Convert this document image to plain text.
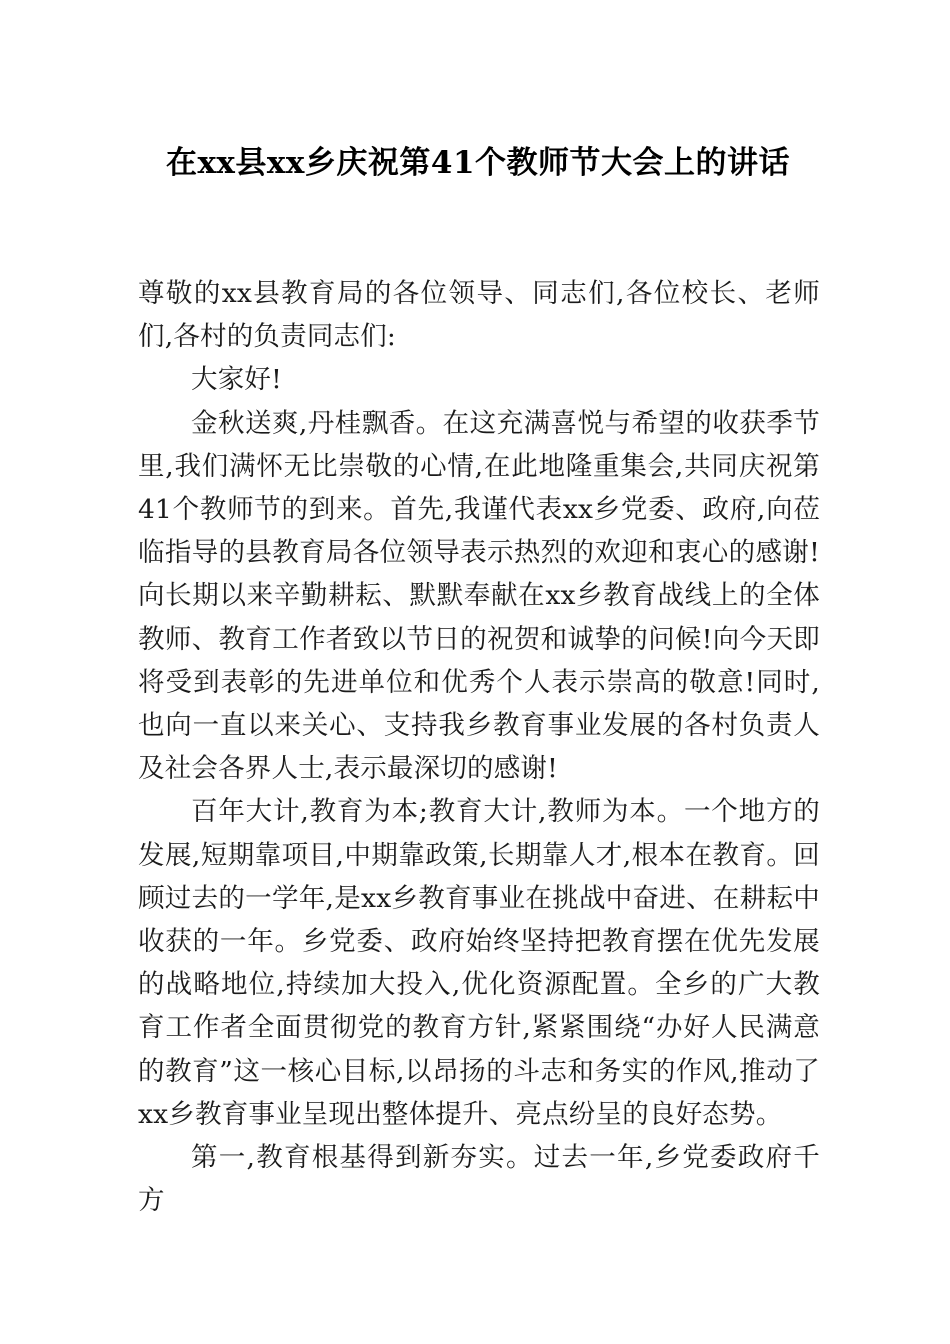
在xx县xx乡庆祝第41个教师节大会上的讲话

尊敬的xx县教育局的各位领导、同志们,各位校长、老师们,各村的负责同志们:

大家好!

金秋送爽,丹桂飘香。在这充满喜悦与希望的收获季节里,我们满怀无比崇敬的心情,在此地隆重集会,共同庆祝第41个教师节的到来。首先,我谨代表xx乡党委、政府,向莅临指导的县教育局各位领导表示热烈的欢迎和衷心的感谢!向长期以来辛勤耕耘、默默奉献在xx乡教育战线上的全体教师、教育工作者致以节日的祝贺和诚挚的问候!向今天即将受到表彰的先进单位和优秀个人表示崇高的敬意!同时,也向一直以来关心、支持我乡教育事业发展的各村负责人及社会各界人士,表示最深切的感谢!

百年大计,教育为本;教育大计,教师为本。一个地方的发展,短期靠项目,中期靠政策,长期靠人才,根本在教育。回顾过去的一学年,是xx乡教育事业在挑战中奋进、在耕耘中收获的一年。乡党委、政府始终坚持把教育摆在优先发展的战略地位,持续加大投入,优化资源配置。全乡的广大教育工作者全面贯彻党的教育方针,紧紧围绕“办好人民满意的教育”这一核心目标,以昂扬的斗志和务实的作风,推动了xx乡教育事业呈现出整体提升、亮点纷呈的良好态势。

第一,教育根基得到新夯实。过去一年,乡党委政府千方
